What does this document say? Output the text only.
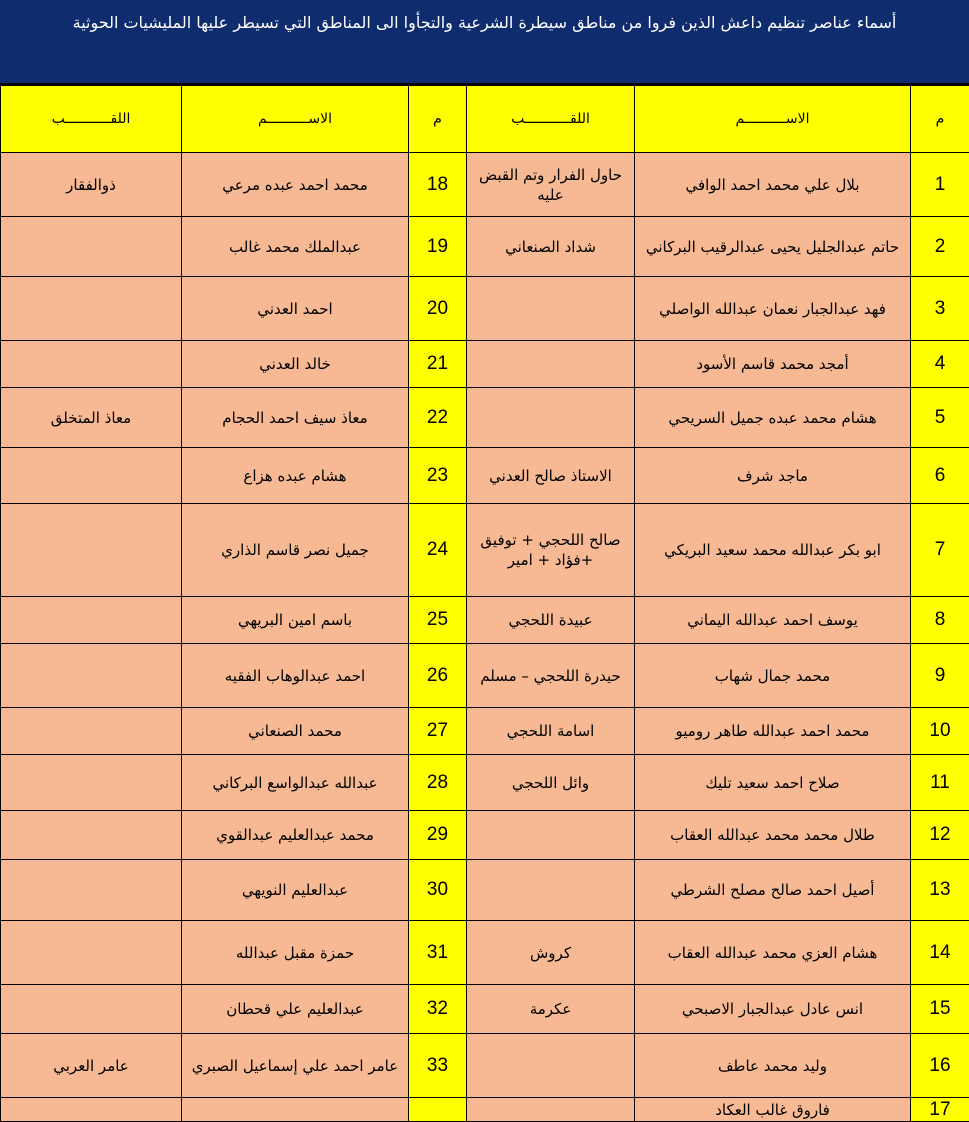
أسماء عناصر تنظيم داعش الذين فروا من مناطق سيطرة الشرعية والتجأوا الى المناطق التي تسيطر عليها المليشيات الحوثية
م	الاســــــــــم	اللقـــــــــــب	م	الاســــــــــم	اللقـــــــــــب
1	بلال علي محمد احمد الوافي	حاول الفرار وتم القبض عليه	18	محمد احمد عبده مرعي	ذوالفقار
2	حاتم عبدالجليل يحيى عبدالرقيب البركاني	شداد الصنعاني	19	عبدالملك محمد غالب	
3	فهد عبدالجبار نعمان عبدالله الواصلي		20	احمد العدني	
4	أمجد محمد قاسم الأسود		21	خالد العدني	
5	هشام محمد عبده جميل السريحي		22	معاذ سيف احمد الحجام	معاذ المتخلق
6	ماجد شرف	الاستاذ صالح العدني	23	هشام عبده هزاع	
7	ابو بكر عبدالله محمد سعيد البريكي	صالح اللحجي + توفيق +فؤاد + امير	24	جميل نصر قاسم الذاري	
8	يوسف احمد عبدالله اليماني	عبيدة اللحجي	25	باسم امين البريهي	
9	محمد جمال شهاب	حيدرة اللحجي – مسلم	26	احمد عبدالوهاب الفقيه	
10	محمد احمد عبدالله طاهر روميو	اسامة اللحجي	27	محمد الصنعاني	
11	صلاح احمد سعيد تليك	وائل اللحجي	28	عبدالله عبدالواسع البركاني	
12	طلال محمد محمد عبدالله العقاب		29	محمد عبدالعليم عبدالقوي	
13	أصيل احمد صالح مصلح الشرطي		30	عبدالعليم النويهي	
14	هشام العزي محمد عبدالله العقاب	كروش	31	حمزة مقبل عبدالله	
15	انس عادل عبدالجبار الاصبحي	عكرمة	32	عبدالعليم علي قحطان	
16	وليد محمد عاطف		33	عامر احمد علي إسماعيل الصبري	عامر العربي
17	فاروق غالب العكاد				
